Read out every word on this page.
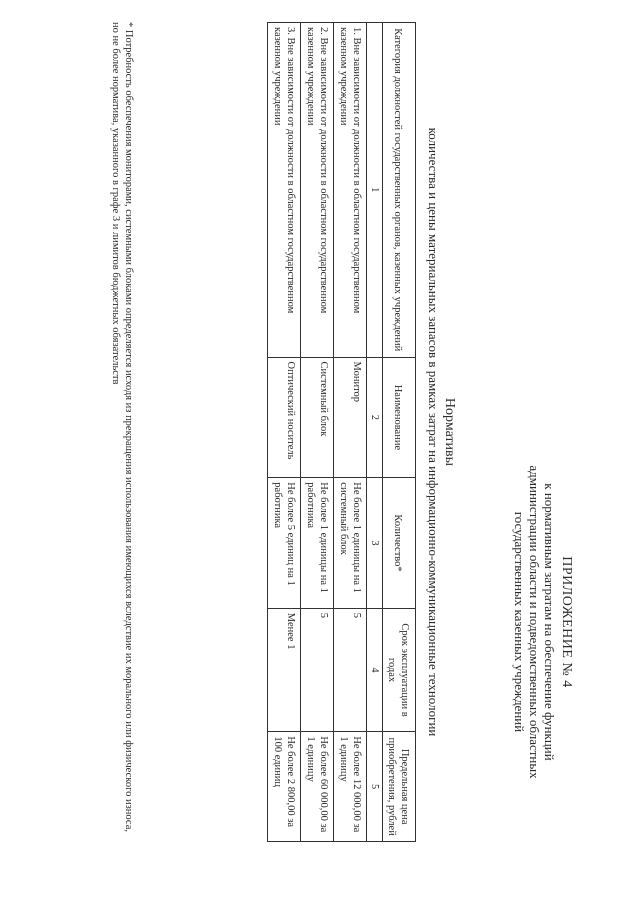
ПРИЛОЖЕНИЕ № 4
к нормативным затратам на обеспечение функций
администрации области и подведомственных областных
государственных казенных учреждений
Нормативы
количества и цены материальных запасов в рамках затрат на информационно-коммуникационные технологии
Категория должностей государственных органов, казенных учреждений	Наименование	Количество*	Срок эксплуатации в годах	Предельная цена приобретения, рублей
1	2	3	4	5
1. Вне зависимости от должности в областном государственном казенном учреждении	Монитор	Не более 1 единицы на 1 системный блок	5	Не более 12 000,00 за 1 единицу
2. Вне зависимости от должности в областном государственном казенном учреждении	Системный блок	Не более 1 единицы на 1 работника	5	Не более 60 000,00 за 1 единицу
3. Вне зависимости от должности в областном государственном казенном учреждении	Оптический носитель	Не более 5 единиц на 1 работника	Менее 1	Не более 2 800,00 за 100 единиц
* Потребность обеспечения мониторами, системными блоками определяется исходя из прекращения использования имеющихся вследствие их морального или физического износа, но не более норматива, указанного в графе 3 и лимитов бюджетных обязательств
